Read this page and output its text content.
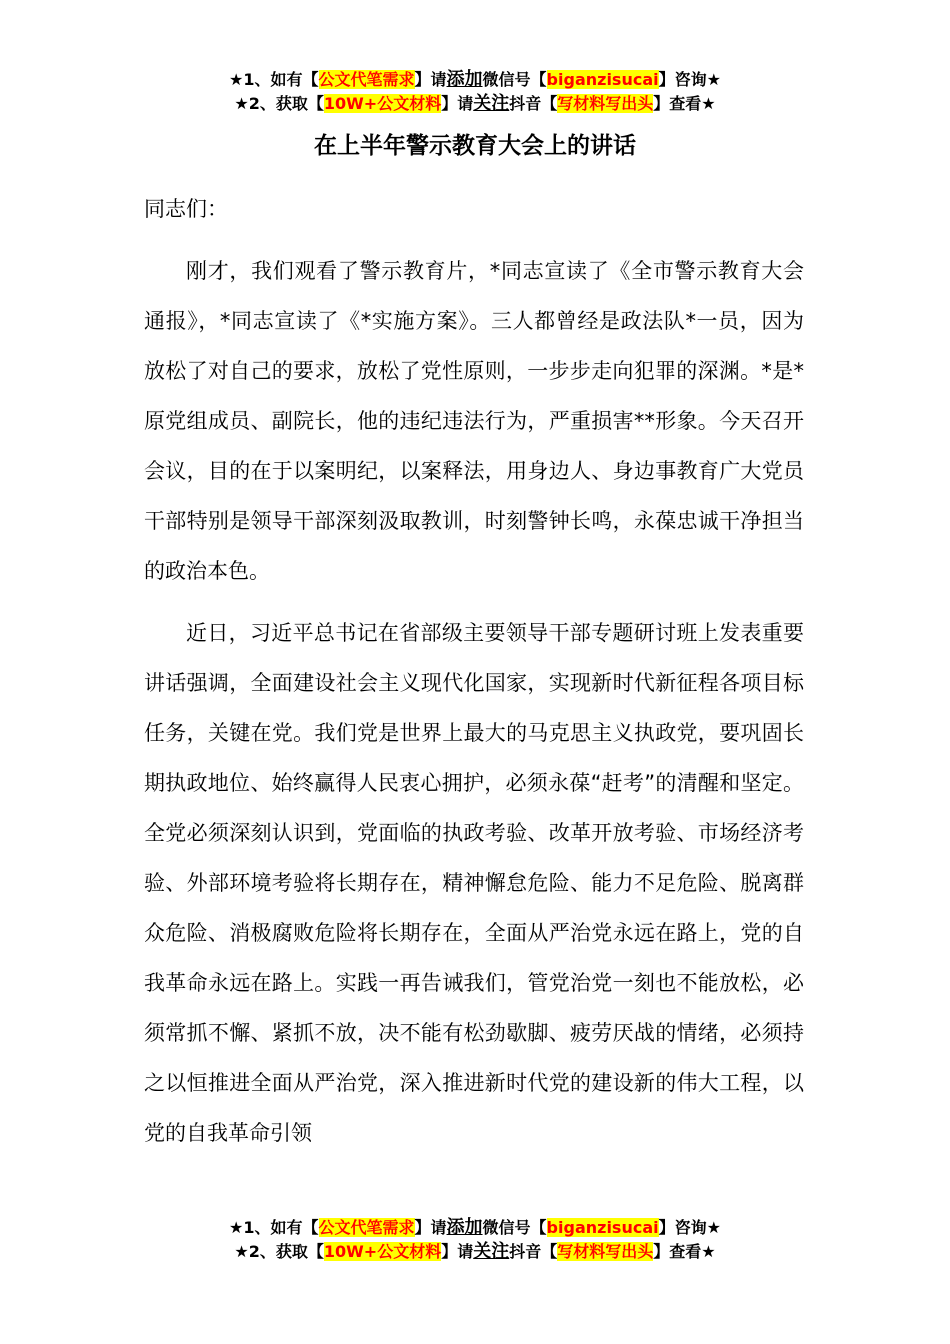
★1、如有【公文代笔需求】请添加微信号【biganzisucai】咨询★
★2、获取【10W+公文材料】请关注抖音【写材料写出头】查看★
在上半年警示教育大会上的讲话
同志们：

刚才，我们观看了警示教育片，*同志宣读了《全市警示教育大会通报》，*同志宣读了《*实施方案》。三人都曾经是政法队*一员，因为放松了对自己的要求，放松了党性原则，一步步走向犯罪的深渊。*是*原党组成员、副院长，他的违纪违法行为，严重损害**形象。今天召开会议，目的在于以案明纪，以案释法，用身边人、身边事教育广大党员干部特别是领导干部深刻汲取教训，时刻警钟长鸣，永葆忠诚干净担当的政治本色。

近日，习近平总书记在省部级主要领导干部专题研讨班上发表重要讲话强调，全面建设社会主义现代化国家，实现新时代新征程各项目标任务，关键在党。我们党是世界上最大的马克思主义执政党，要巩固长期执政地位、始终赢得人民衷心拥护，必须永葆“赶考”的清醒和坚定。全党必须深刻认识到，党面临的执政考验、改革开放考验、市场经济考验、外部环境考验将长期存在，精神懈怠危险、能力不足危险、脱离群众危险、消极腐败危险将长期存在，全面从严治党永远在路上，党的自我革命永远在路上。实践一再告诫我们，管党治党一刻也不能放松，必须常抓不懈、紧抓不放，决不能有松劲歇脚、疲劳厌战的情绪，必须持之以恒推进全面从严治党，深入推进新时代党的建设新的伟大工程，以党的自我革命引领

★1、如有【公文代笔需求】请添加微信号【biganzisucai】咨询★
★2、获取【10W+公文材料】请关注抖音【写材料写出头】查看★
